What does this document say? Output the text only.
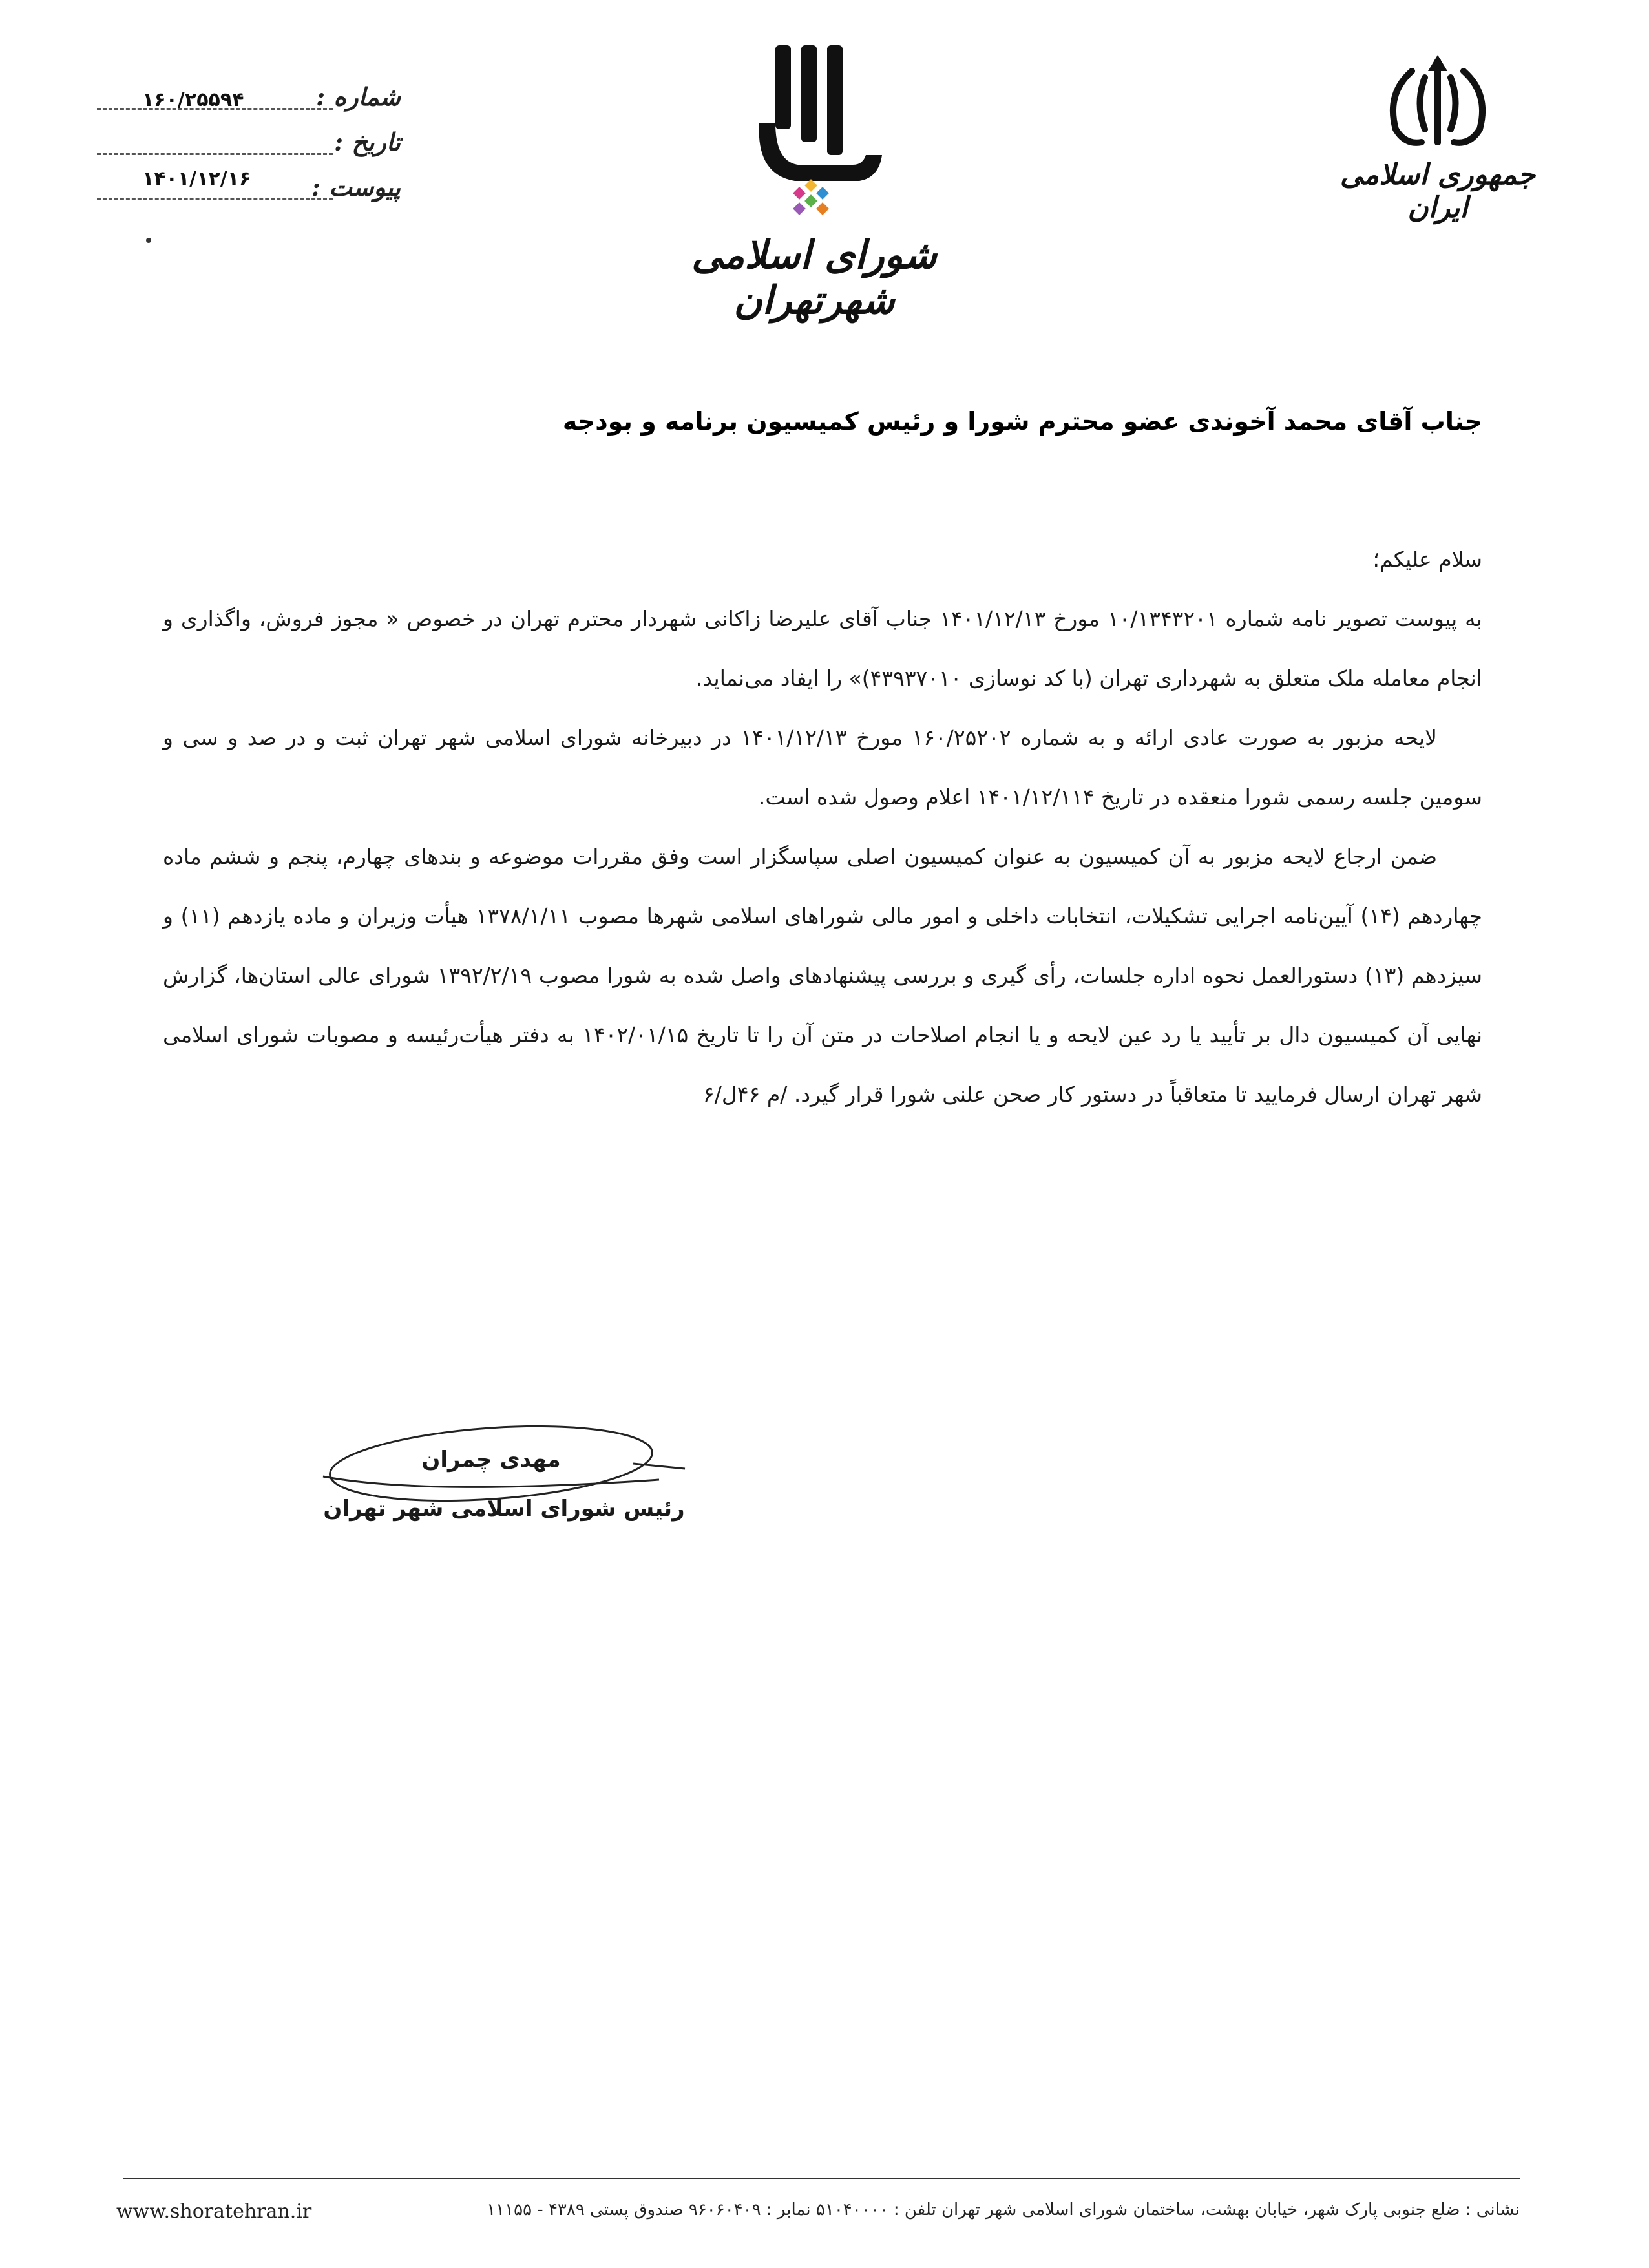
شماره :
تاریخ :
۱۶۰/۲۵۵۹۴
پیوست :
۱۴۰۱/۱۲/۱۶
شورای اسلامی شهرتهران
جمهوری اسلامی ایران
جناب آقای محمد آخوندی عضو محترم شورا و رئیس کمیسیون برنامه و بودجه

سلام علیکم؛

به پیوست تصویر نامه شماره ۱۰/۱۳۴۳۲۰۱ مورخ ۱۴۰۱/۱۲/۱۳ جناب آقای علیرضا زاکانی شهردار محترم تهران در خصوص « مجوز فروش، واگذاری و انجام معامله ملک متعلق به شهرداری تهران (با کد نوسازی ۴۳۹۳۷۰۱۰)» را ایفاد می‌نماید.

لایحه مزبور به صورت عادی ارائه و به شماره ۱۶۰/۲۵۲۰۲ مورخ ۱۴۰۱/۱۲/۱۳ در دبیرخانه شورای اسلامی شهر تهران ثبت و در صد و سی و سومین جلسه رسمی شورا منعقده در تاریخ ۱۴۰۱/۱۲/۱۱۴ اعلام وصول شده است.

ضمن ارجاع لایحه مزبور به آن کمیسیون به عنوان کمیسیون اصلی سپاسگزار است وفق مقررات موضوعه و بندهای چهارم، پنجم و ششم ماده چهاردهم (۱۴) آیین‌نامه اجرایی تشکیلات، انتخابات داخلی و امور مالی شوراهای اسلامی شهرها مصوب ۱۳۷۸/۱/۱۱ هیأت وزیران و ماده یازدهم (۱۱) و سیزدهم (۱۳) دستورالعمل نحوه اداره جلسات، رأی گیری و بررسی پیشنهادهای واصل شده به شورا مصوب ۱۳۹۲/۲/۱۹ شورای عالی استان‌ها، گزارش نهایی آن کمیسیون دال بر تأیید یا رد عین لایحه و یا انجام اصلاحات در متن آن را تا تاریخ ۱۴۰۲/۰۱/۱۵ به دفتر هیأت‌رئیسه و مصوبات شورای اسلامی شهر تهران ارسال فرمایید تا متعاقباً در دستور کار صحن علنی شورا قرار گیرد. /م ۴۶ل/۶

مهدی چمران
رئیس شورای اسلامی شهر تهران
نشانی : ضلع جنوبی پارک شهر، خیابان بهشت، ساختمان شورای اسلامی شهر تهران تلفن : ۵۱۰۴۰۰۰۰ نمابر : ۹۶۰۶۰۴۰۹ صندوق پستی ۴۳۸۹ - ۱۱۱۵۵
www.shoratehran.ir
